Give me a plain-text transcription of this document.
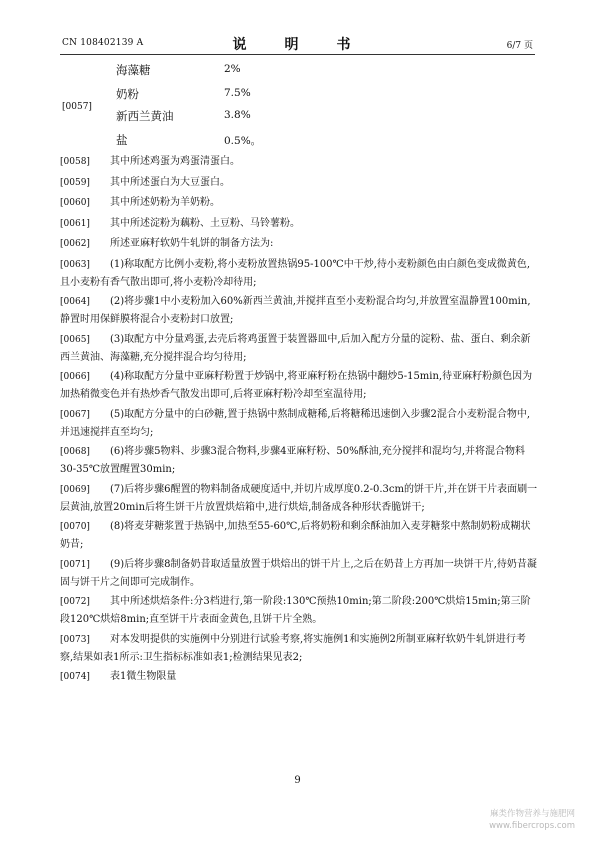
CN 108402139 A	说　明　书	6/7 页
[0057]
海藻糖	2%
奶粉	7.5%
新西兰黄油	3.8%
盐	0.5%。
[0058] 其中所述鸡蛋为鸡蛋清蛋白。
[0059] 其中所述蛋白为大豆蛋白。
[0060] 其中所述奶粉为羊奶粉。
[0061] 其中所述淀粉为藕粉、土豆粉、马铃薯粉。
[0062] 所述亚麻籽软奶牛轧饼的制备方法为:
[0063] (1)称取配方比例小麦粉,将小麦粉放置热锅95-100℃中干炒,待小麦粉颜色由白颜色变成微黄色,且小麦粉有香气散出即可,将小麦粉冷却待用;
[0064] (2)将步骤1中小麦粉加入60%新西兰黄油,并搅拌直至小麦粉混合均匀,并放置室温静置100min,静置时用保鲜膜将混合小麦粉封口放置;
[0065] (3)取配方中分量鸡蛋,去壳后将鸡蛋置于装置器皿中,后加入配方分量的淀粉、盐、蛋白、剩余新西兰黄油、海藻糖,充分搅拌混合均匀待用;
[0066] (4)称取配方分量中亚麻籽粉置于炒锅中,将亚麻籽粉在热锅中翻炒5-15min,待亚麻籽粉颜色因为加热稍微变色并有热炒香气散发出即可,后将亚麻籽粉冷却至室温待用;
[0067] (5)取配方分量中的白砂糖,置于热锅中熬制成糖稀,后将糖稀迅速倒入步骤2混合小麦粉混合物中,并迅速搅拌直至均匀;
[0068] (6)将步骤5物料、步骤3混合物料,步骤4亚麻籽粉、50%酥油,充分搅拌和混均匀,并将混合物料30-35℃放置醒置30min;
[0069] (7)后将步骤6醒置的物料制备成硬度适中,并切片成厚度0.2-0.3cm的饼干片,并在饼干片表面刷一层黄油,放置20min后将生饼干片放置烘焙箱中,进行烘焙,制备成各种形状香脆饼干;
[0070] (8)将麦芽糖浆置于热锅中,加热至55-60℃,后将奶粉和剩余酥油加入麦芽糖浆中熬制奶粉成糊状奶昔;
[0071] (9)后将步骤8制备奶昔取适量放置于烘焙出的饼干片上,之后在奶昔上方再加一块饼干片,待奶昔凝固与饼干片之间即可完成制作。
[0072] 其中所述烘焙条件:分3档进行,第一阶段:130℃预热10min;第二阶段:200℃烘焙15min;第三阶段120℃烘焙8min;直至饼干片表面金黄色,且饼干片全熟。
[0073] 对本发明提供的实施例中分别进行试验考察,将实施例1和实施例2所制亚麻籽软奶牛轧饼进行考察,结果如表1所示:卫生指标标准如表1;检测结果见表2;
[0074] 表1微生物限量
9
麻类作物营养与施肥网
www.fibercrops.com
